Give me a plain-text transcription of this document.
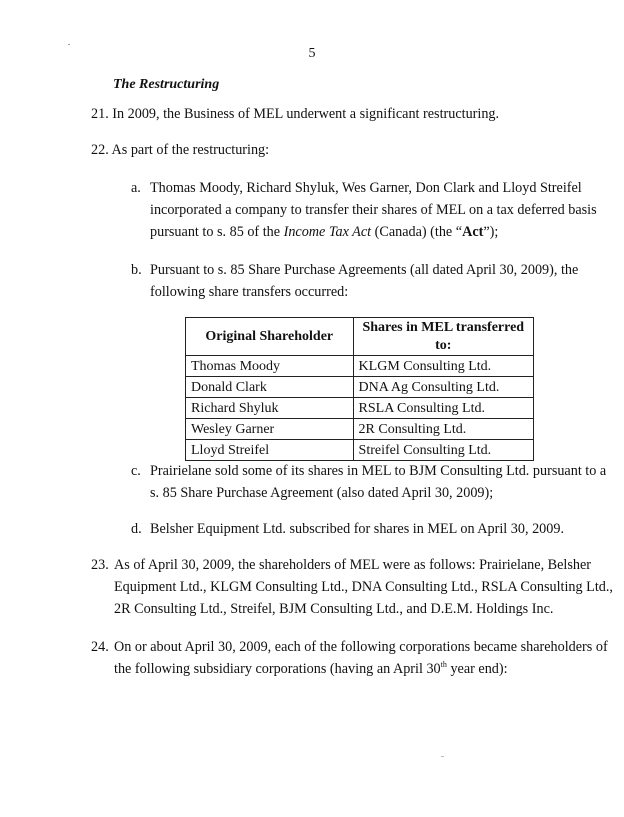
5
The Restructuring
21. In 2009, the Business of MEL underwent a significant restructuring.
22. As part of the restructuring:
a. Thomas Moody, Richard Shyluk, Wes Garner, Don Clark and Lloyd Streifel
incorporated a company to transfer their shares of MEL on a tax deferred basis
pursuant to s. 85 of the Income Tax Act (Canada) (the “Act”);
b. Pursuant to s. 85 Share Purchase Agreements (all dated April 30, 2009), the
following share transfers occurred:
Original Shareholder	Shares in MEL transferred to:
Thomas Moody	KLGM Consulting Ltd.
Donald Clark	DNA Ag Consulting Ltd.
Richard Shyluk	RSLA Consulting Ltd.
Wesley Garner	2R Consulting Ltd.
Lloyd Streifel	Streifel Consulting Ltd.
c. Prairielane sold some of its shares in MEL to BJM Consulting Ltd. pursuant to a
s. 85 Share Purchase Agreement (also dated April 30, 2009);
d. Belsher Equipment Ltd. subscribed for shares in MEL on April 30, 2009.
23. As of April 30, 2009, the shareholders of MEL were as follows: Prairielane, Belsher
Equipment Ltd., KLGM Consulting Ltd., DNA Consulting Ltd., RSLA Consulting Ltd.,
2R Consulting Ltd., Streifel, BJM Consulting Ltd., and D.E.M. Holdings Inc.
24. On or about April 30, 2009, each of the following corporations became shareholders of
the following subsidiary corporations (having an April 30th year end):
